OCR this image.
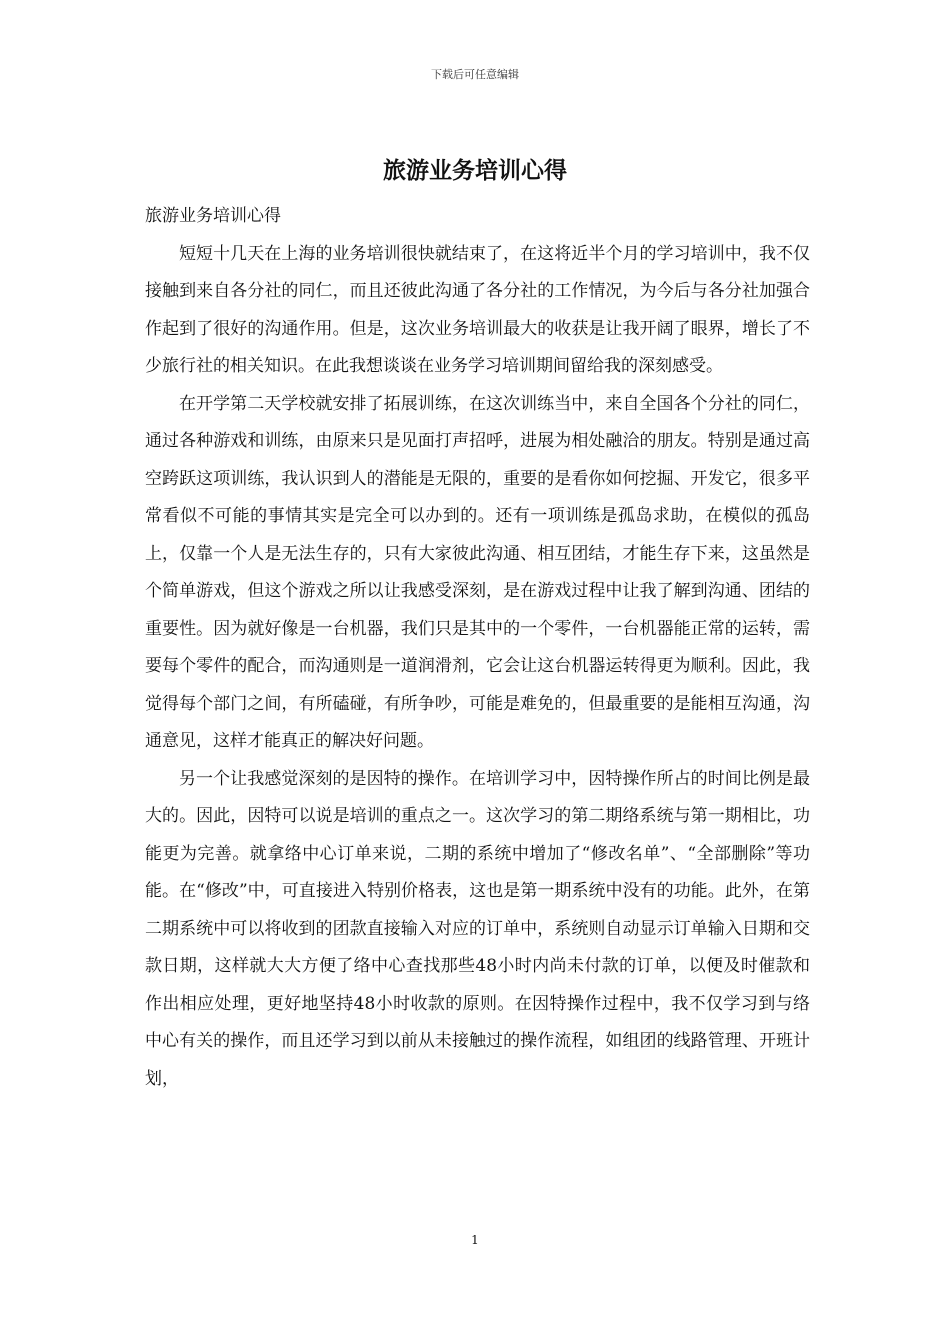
下载后可任意编辑
旅游业务培训心得

旅游业务培训心得

短短十几天在上海的业务培训很快就结束了，在这将近半个月的学习培训中，我不仅接触到来自各分社的同仁，而且还彼此沟通了各分社的工作情况，为今后与各分社加强合作起到了很好的沟通作用。但是，这次业务培训最大的收获是让我开阔了眼界，增长了不少旅行社的相关知识。在此我想谈谈在业务学习培训期间留给我的深刻感受。

在开学第二天学校就安排了拓展训练，在这次训练当中，来自全国各个分社的同仁，通过各种游戏和训练，由原来只是见面打声招呼，进展为相处融洽的朋友。特别是通过高空跨跃这项训练，我认识到人的潜能是无限的，重要的是看你如何挖掘、开发它，很多平常看似不可能的事情其实是完全可以办到的。还有一项训练是孤岛求助，在模似的孤岛上，仅靠一个人是无法生存的，只有大家彼此沟通、相互团结，才能生存下来，这虽然是个简单游戏，但这个游戏之所以让我感受深刻，是在游戏过程中让我了解到沟通、团结的重要性。因为就好像是一台机器，我们只是其中的一个零件，一台机器能正常的运转，需要每个零件的配合，而沟通则是一道润滑剂，它会让这台机器运转得更为顺利。因此，我觉得每个部门之间，有所磕碰，有所争吵，可能是难免的，但最重要的是能相互沟通，沟通意见，这样才能真正的解决好问题。

另一个让我感觉深刻的是因特的操作。在培训学习中，因特操作所占的时间比例是最大的。因此，因特可以说是培训的重点之一。这次学习的第二期络系统与第一期相比，功能更为完善。就拿络中心订单来说，二期的系统中增加了“修改名单”、“全部删除”等功能。在“修改”中，可直接进入特别价格表，这也是第一期系统中没有的功能。此外，在第二期系统中可以将收到的团款直接输入对应的订单中，系统则自动显示订单输入日期和交款日期，这样就大大方便了络中心查找那些48小时内尚未付款的订单，以便及时催款和作出相应处理，更好地坚持48小时收款的原则。在因特操作过程中，我不仅学习到与络中心有关的操作，而且还学习到以前从未接触过的操作流程，如组团的线路管理、开班计划，

1
